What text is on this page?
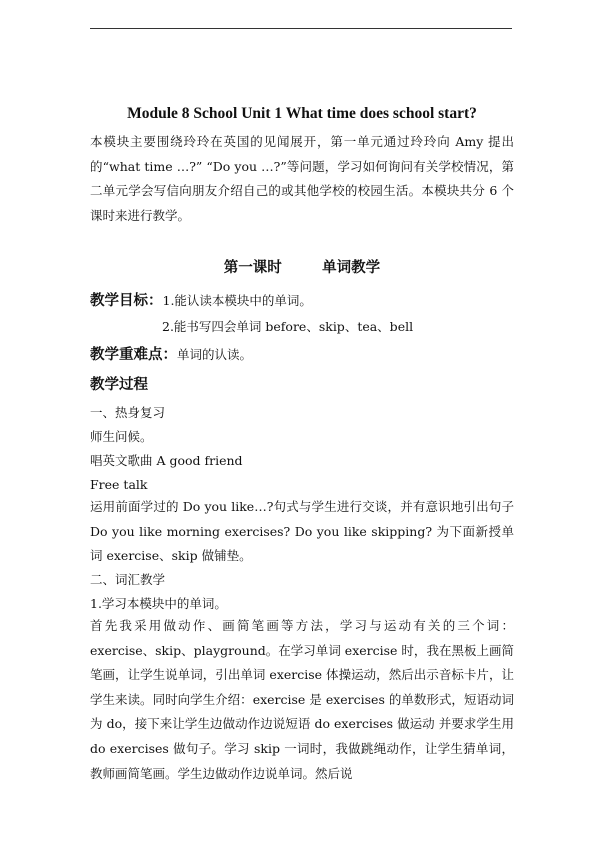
Module 8 School Unit 1 What time does school start?
本模块主要围绕玲玲在英国的见闻展开，第一单元通过玲玲向 Amy 提出的“what time …?” “Do you …?”等问题，学习如何询问有关学校情况，第二单元学会写信向朋友介绍自己的或其他学校的校园生活。本模块共分 6 个课时来进行教学。
第一课时        单词教学
教学目标：1.能认读本模块中的单词。
2.能书写四会单词 before、skip、tea、bell
教学重难点：单词的认读。
教学过程
一、热身复习
师生问候。
唱英文歌曲 A good friend
Free talk
运用前面学过的 Do you like…?句式与学生进行交谈，并有意识地引出句子 Do you like morning exercises? Do you like skipping? 为下面新授单词 exercise、skip 做铺垫。
二、词汇教学
1.学习本模块中的单词。
首先我采用做动作、画简笔画等方法，学习与运动有关的三个词：exercise、skip、playground。在学习单词 exercise 时，我在黑板上画简笔画，让学生说单词，引出单词 exercise 体操运动，然后出示音标卡片，让学生来读。同时向学生介绍：exercise 是 exercises 的单数形式，短语动词为 do，接下来让学生边做动作边说短语 do exercises 做运动 并要求学生用 do exercises 做句子。学习 skip 一词时，我做跳绳动作，让学生猜单词，教师画简笔画。学生边做动作边说单词。然后说
